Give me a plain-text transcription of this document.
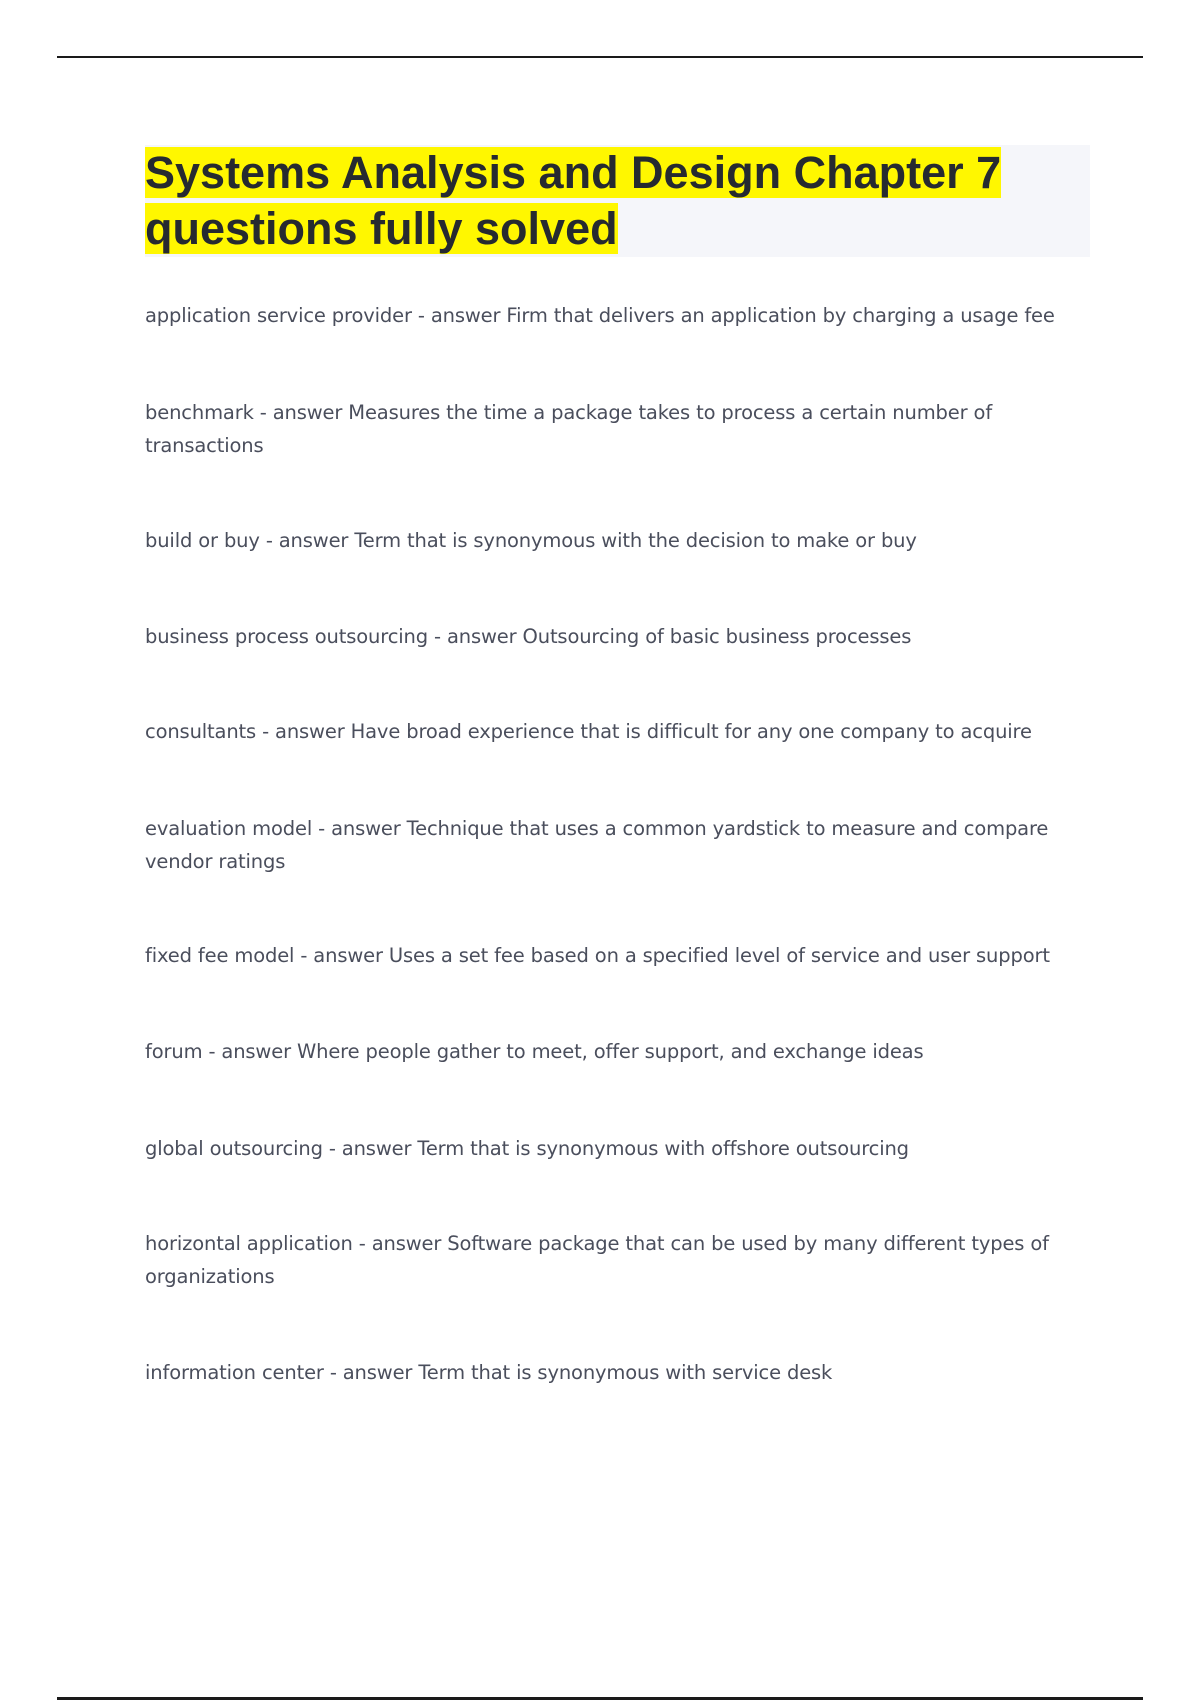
Systems Analysis and Design Chapter 7 questions fully solved
application service provider - answer Firm that delivers an application by charging a usage fee
benchmark - answer Measures the time a package takes to process a certain number of transactions
build or buy - answer Term that is synonymous with the decision to make or buy
business process outsourcing - answer Outsourcing of basic business processes
consultants - answer Have broad experience that is difficult for any one company to acquire
evaluation model - answer Technique that uses a common yardstick to measure and compare vendor ratings
fixed fee model - answer Uses a set fee based on a specified level of service and user support
forum - answer Where people gather to meet, offer support, and exchange ideas
global outsourcing - answer Term that is synonymous with offshore outsourcing
horizontal application - answer Software package that can be used by many different types of organizations
information center - answer Term that is synonymous with service desk
